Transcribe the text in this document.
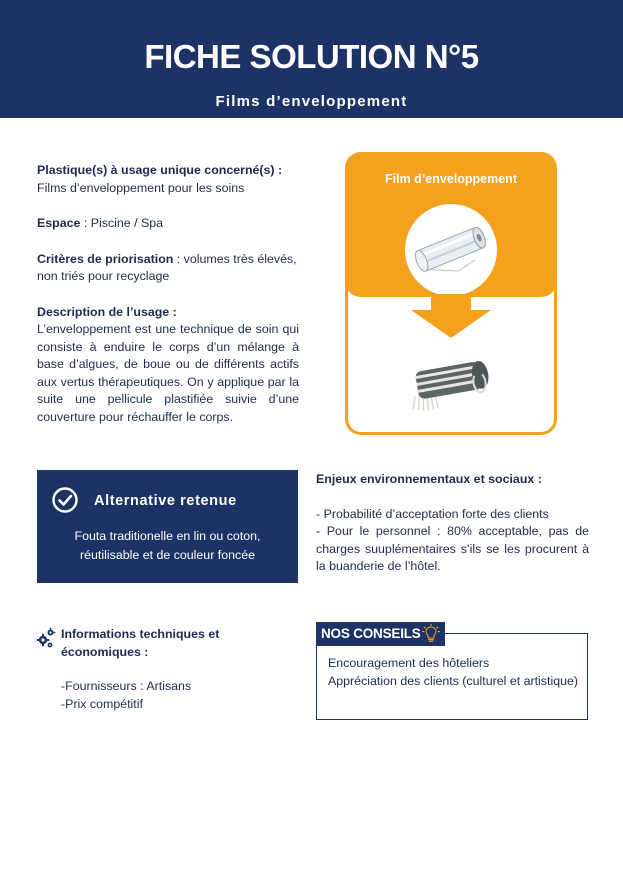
FICHE SOLUTION N°5
Films d’enveloppement

Plastique(s) à usage unique concerné(s) :
Films d’enveloppement pour les soins

Espace : Piscine / Spa

Critères de priorisation : volumes très élevés, non triés pour recyclage

Description de l’usage :

L’enveloppement est une technique de soin qui consiste à enduire le corps d’un mélange à base d’algues, de boue ou de différents actifs aux vertus thérapeutiques. On y applique par la suite une pellicule plastifiée suivie d’une couverture pour réchauffer le corps.

Film d’enveloppement
Alternative retenue
Fouta traditionelle en lin ou coton, réutilisable et de couleur foncée
Enjeux environnementaux et sociaux :
- Probabilité d’acceptation forte des clients
- Pour le personnel : 80% acceptable, pas de charges suuplémentaires s’ils se les procurent à la buanderie de l’hôtel.
Informations techniques et économiques :
-Fournisseurs : Artisans
-Prix compétitif
Encouragement des hôteliers
Appréciation des clients (culturel et artistique)
NOS CONSEILS
